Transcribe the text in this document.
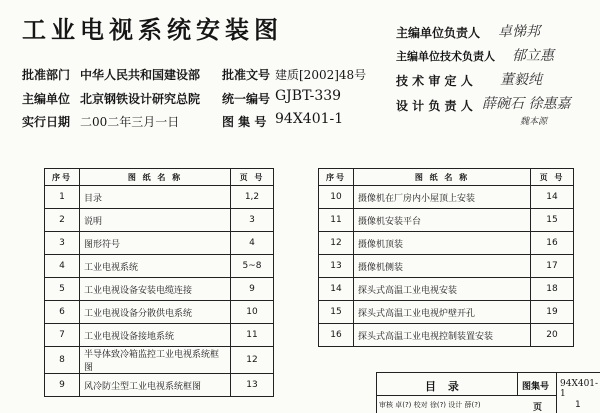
工业电视系统安装图
批准部门 中华人民共和国建设部 批准文号 建质[2002]48号
主编单位 北京钢铁设计研究总院 统一编号 GJBT-339
实行日期 二00二年三月一日	图 集 号 94X401-1
主编单位负责人 卓悌邦
主编单位技术负责人 郁立惠
技 术 审 定 人 董毅纯
设 计 负 责 人 薛碗石 徐惠嘉
魏本源
序号	图 纸 名 称	页 号
1	目录	1,2
2	说明	3
3	图形符号	4
4	工业电视系统	5~8
5	工业电视设备安装电缆连接	9
6	工业电视设备分散供电系统	10
7	工业电视设备接地系统	11
8	半导体致冷箱监控工业电视系统框图	12
9	风冷防尘型工业电视系统框图	13
序号	图 纸 名 称	页 号
10	摄像机在厂房内小屋顶上安装	14
11	摄像机安装平台	15
12	摄像机顶装	16
13	摄像机侧装	17
14	探头式高温工业电视安装	18
15	探头式高温工业电视炉壁开孔	19
16	探头式高温工业电视控制装置安装	20
目 录	图集号 94X401-1
审核 卓(?) 校对 徐(?) 设计 薛(?)	页	1
